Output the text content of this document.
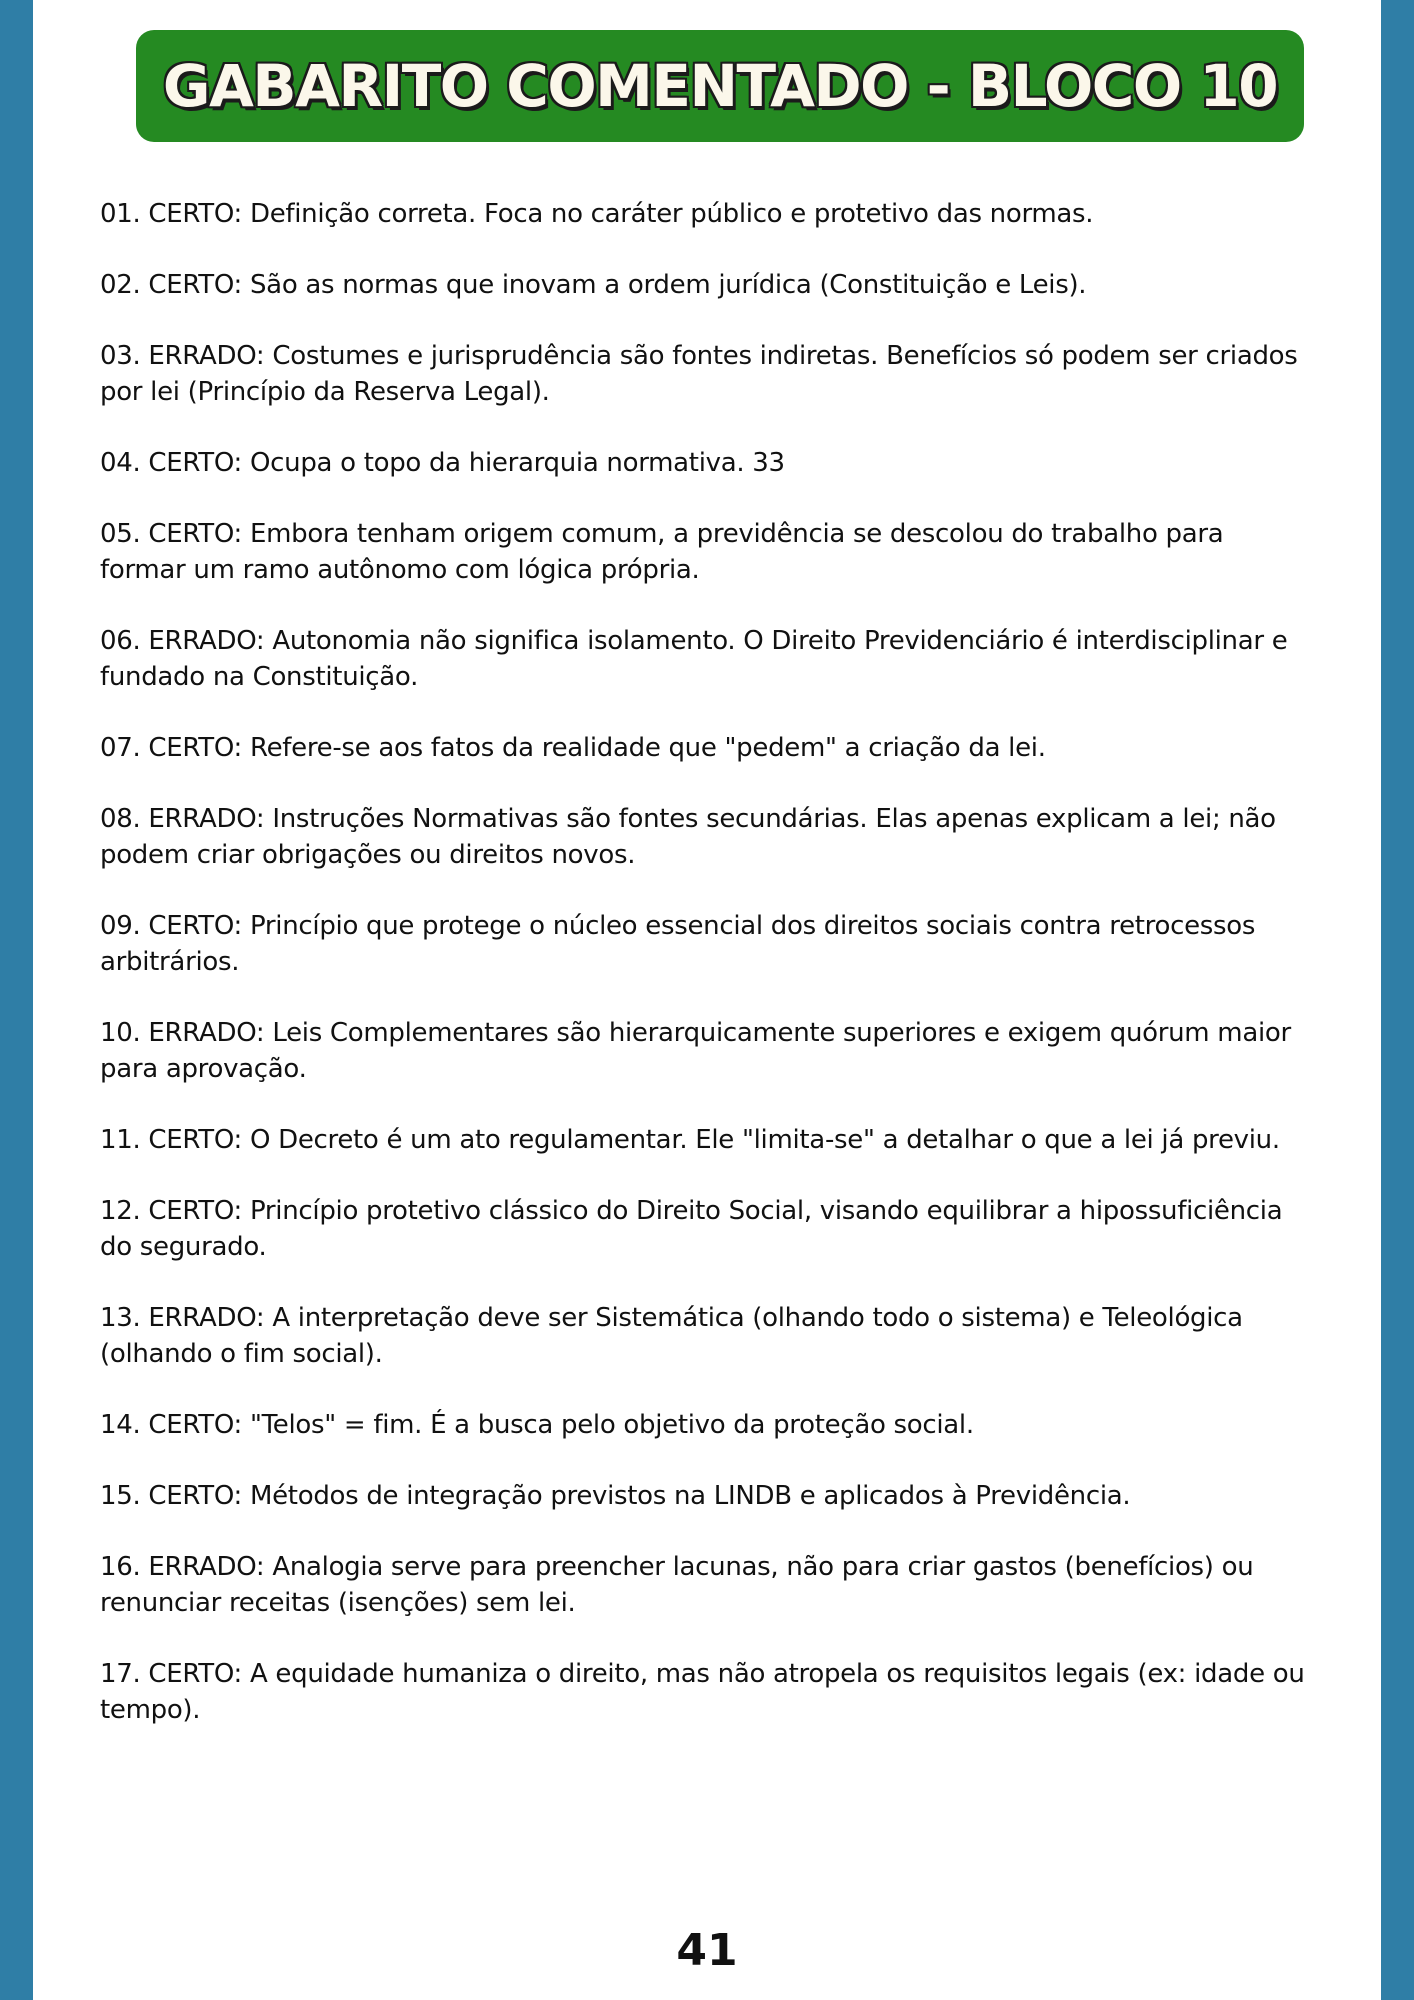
GABARITO COMENTADO - BLOCO 10
01. CERTO: Definição correta. Foca no caráter público e protetivo das normas.
02. CERTO: São as normas que inovam a ordem jurídica (Constituição e Leis).
03. ERRADO: Costumes e jurisprudência são fontes indiretas. Benefícios só podem ser criados por lei (Princípio da Reserva Legal).
04. CERTO: Ocupa o topo da hierarquia normativa. 33
05. CERTO: Embora tenham origem comum, a previdência se descolou do trabalho para formar um ramo autônomo com lógica própria.
06. ERRADO: Autonomia não significa isolamento. O Direito Previdenciário é interdisciplinar e fundado na Constituição.
07. CERTO: Refere-se aos fatos da realidade que "pedem" a criação da lei.
08. ERRADO: Instruções Normativas são fontes secundárias. Elas apenas explicam a lei; não podem criar obrigações ou direitos novos.
09. CERTO: Princípio que protege o núcleo essencial dos direitos sociais contra retrocessos arbitrários.
10. ERRADO: Leis Complementares são hierarquicamente superiores e exigem quórum maior para aprovação.
11. CERTO: O Decreto é um ato regulamentar. Ele "limita-se" a detalhar o que a lei já previu.
12. CERTO: Princípio protetivo clássico do Direito Social, visando equilibrar a hipossuficiência do segurado.
13. ERRADO: A interpretação deve ser Sistemática (olhando todo o sistema) e Teleológica (olhando o fim social).
14. CERTO: "Telos" = fim. É a busca pelo objetivo da proteção social.
15. CERTO: Métodos de integração previstos na LINDB e aplicados à Previdência.
16. ERRADO: Analogia serve para preencher lacunas, não para criar gastos (benefícios) ou renunciar receitas (isenções) sem lei.
17. CERTO: A equidade humaniza o direito, mas não atropela os requisitos legais (ex: idade ou tempo).
41
